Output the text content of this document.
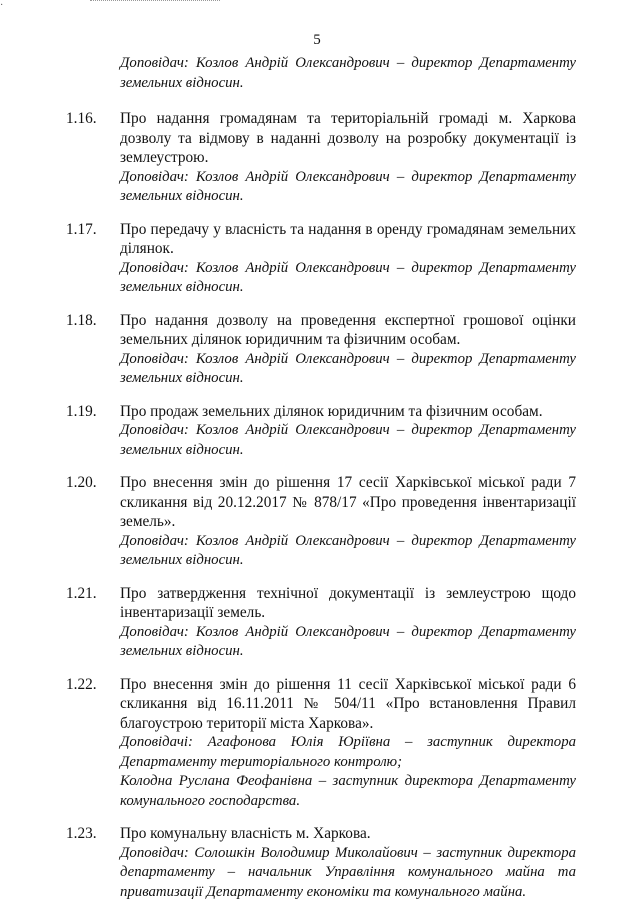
·
5
Доповідач: Козлов Андрій Олександрович – директор Департаменту земельних відносин.
1.16.	Про надання громадянам та територіальній громаді м. Харкова дозволу та відмову в наданні дозволу на розробку документації із землеустрою.
Доповідач: Козлов Андрій Олександрович – директор Департаменту земельних відносин.
1.17.	Про передачу у власність та надання в оренду громадянам земельних ділянок.
Доповідач: Козлов Андрій Олександрович – директор Департаменту земельних відносин.
1.18.	Про надання дозволу на проведення експертної грошової оцінки земельних ділянок юридичним та фізичним особам.
Доповідач: Козлов Андрій Олександрович – директор Департаменту земельних відносин.
1.19.	Про продаж земельних ділянок юридичним та фізичним особам.
Доповідач: Козлов Андрій Олександрович – директор Департаменту земельних відносин.
1.20.	Про внесення змін до рішення 17 сесії Харківської міської ради 7 скликання від 20.12.2017 № 878/17 «Про проведення інвентаризації земель».
Доповідач: Козлов Андрій Олександрович – директор Департаменту земельних відносин.
1.21.	Про затвердження технічної документації із землеустрою щодо інвентаризації земель.
Доповідач: Козлов Андрій Олександрович – директор Департаменту земельних відносин.
1.22.	Про внесення змін до рішення 11 сесії Харківської міської ради 6 скликання від 16.11.2011 № 504/11 «Про встановлення Правил благоустрою території міста Харкова».
Доповідачі: Агафонова Юлія Юріївна – заступник директора Департаменту територіального контролю;
Колодна Руслана Феофанівна – заступник директора Департаменту комунального господарства.
1.23.	Про комунальну власність м. Харкова.
Доповідач: Солошкін Володимир Миколайович – заступник директора департаменту – начальник Управління комунального майна та приватизації Департаменту економіки та комунального майна.
